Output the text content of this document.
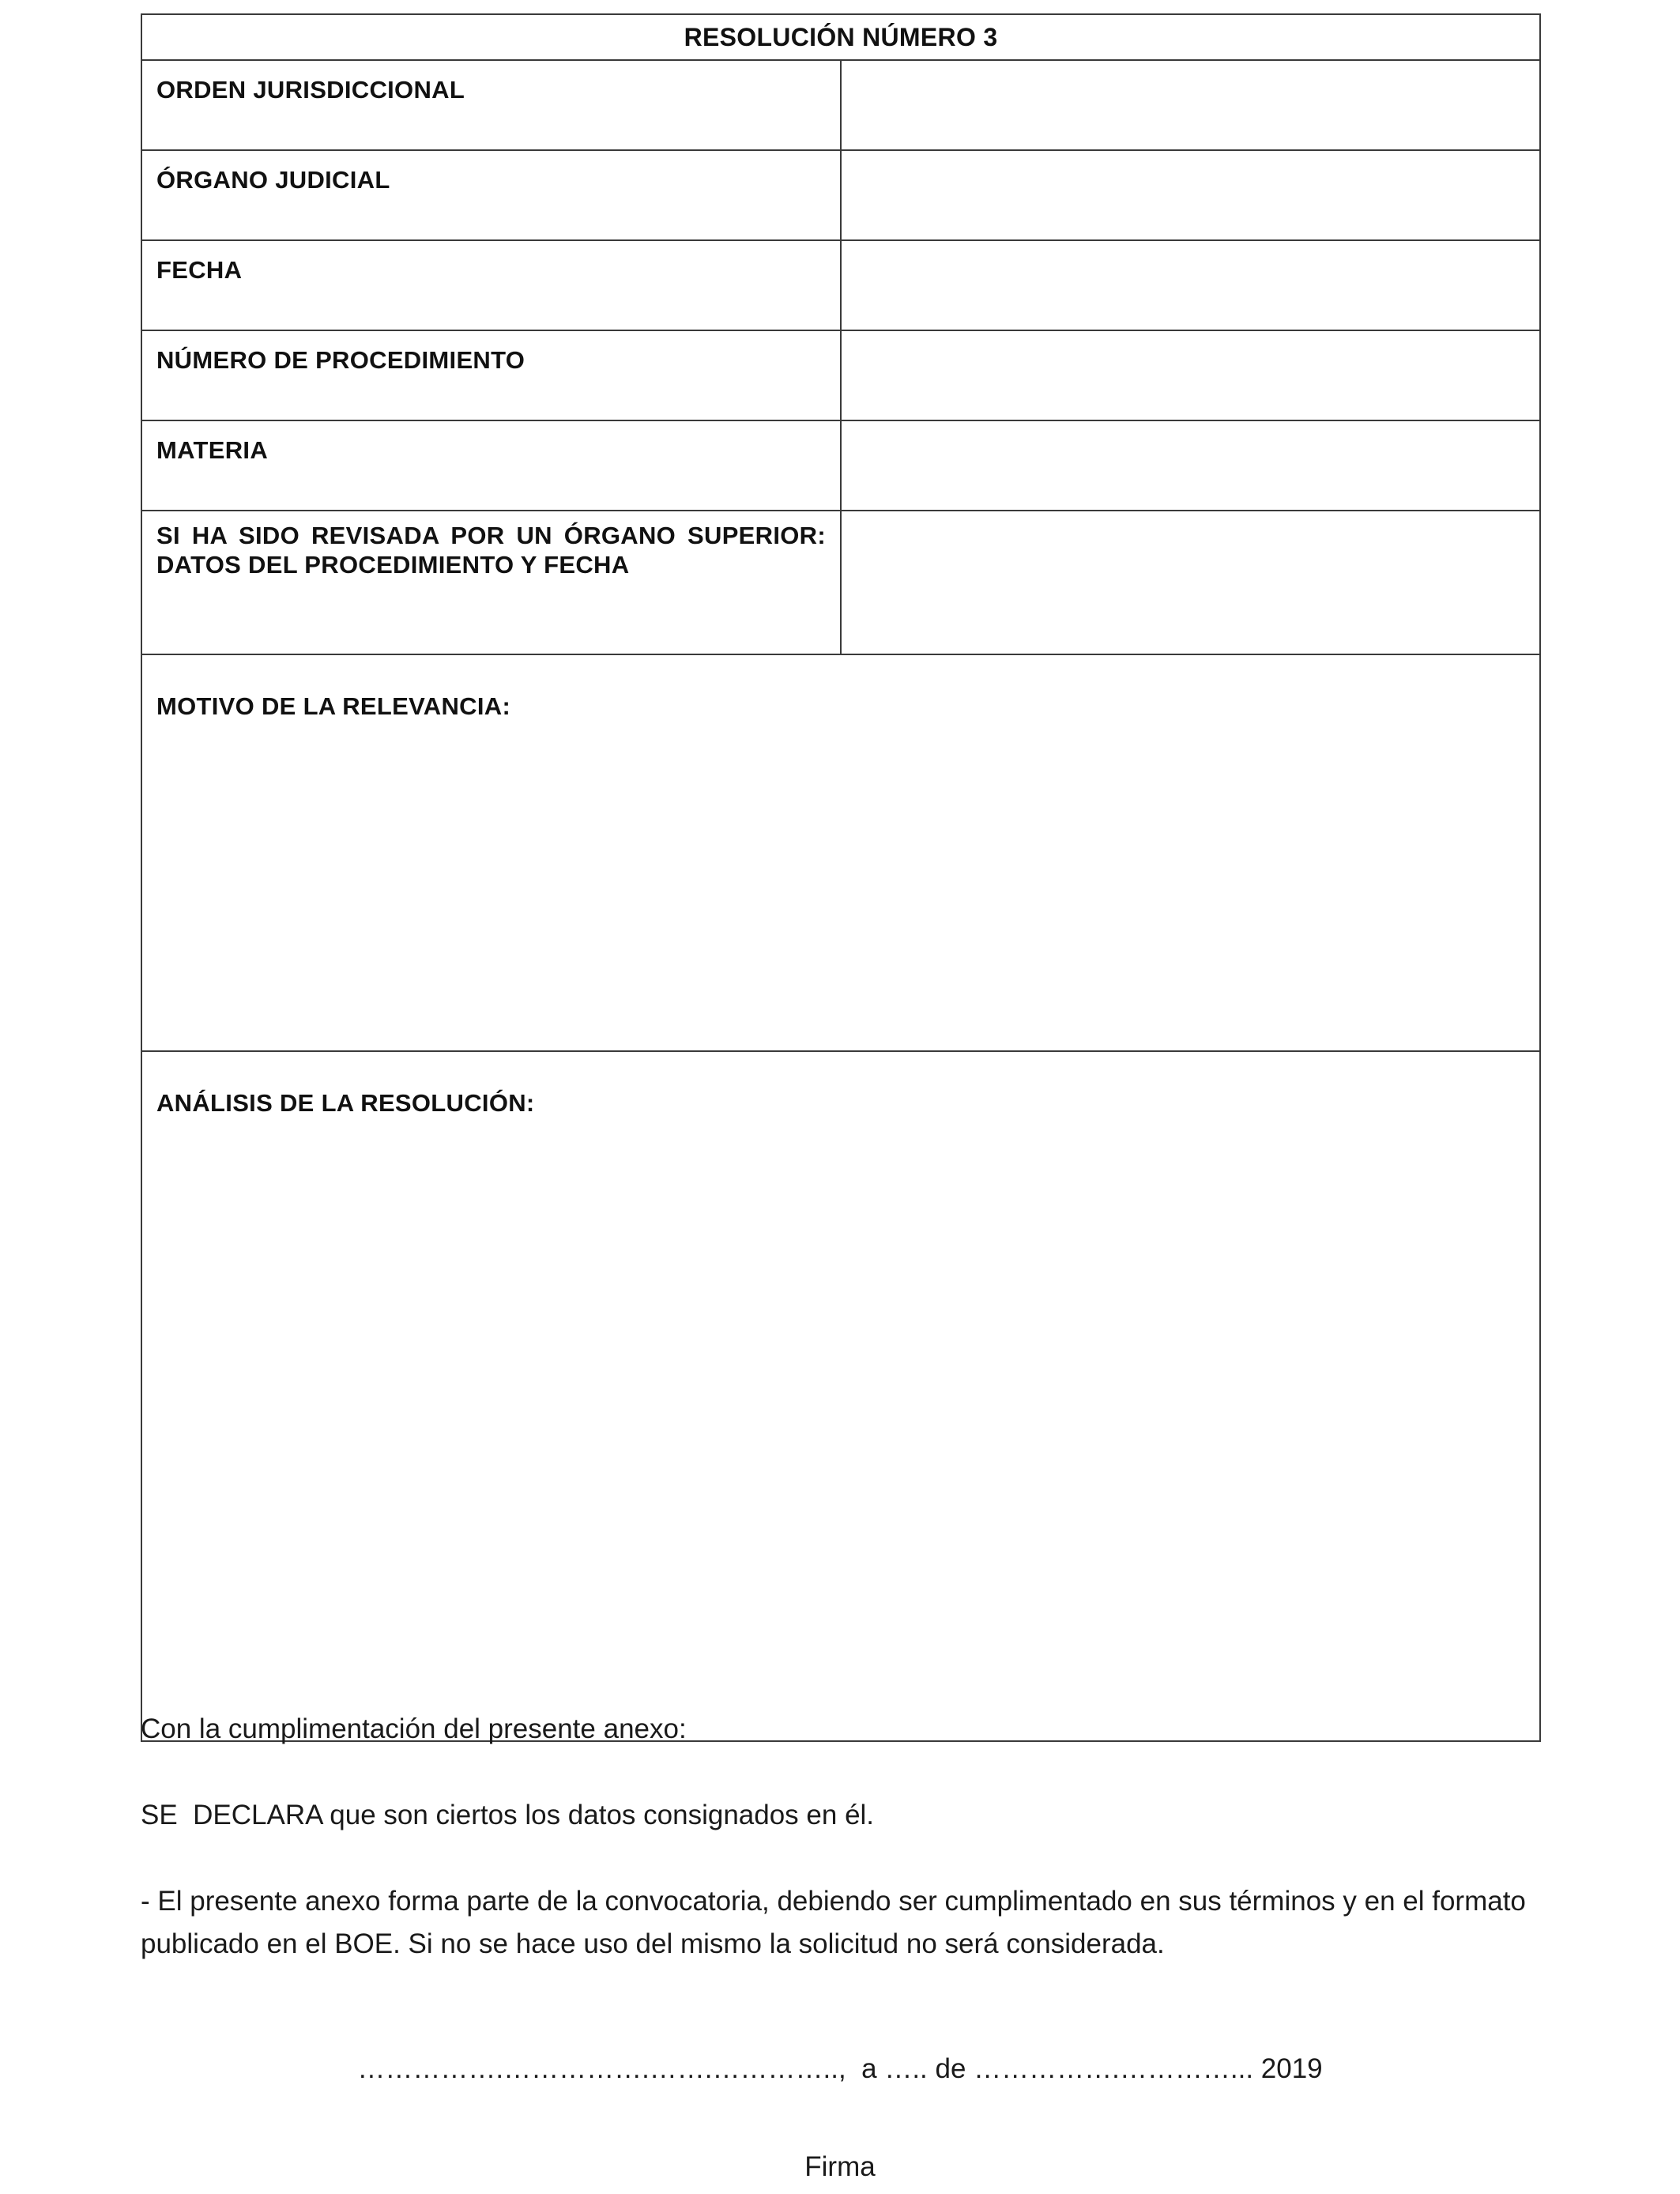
RESOLUCIÓN NÚMERO 3	
ORDEN JURISDICCIONAL	
ÓRGANO JUDICIAL	
FECHA	
NÚMERO DE PROCEDIMIENTO	
MATERIA	
SI HA SIDO REVISADA POR UN ÓRGANO SUPERIOR: DATOS DEL PROCEDIMIENTO Y FECHA	
MOTIVO DE LA RELEVANCIA:	
ANÁLISIS DE LA RESOLUCIÓN:	
Con la cumplimentación del presente anexo:
SE  DECLARA que son ciertos los datos consignados en él.
- El presente anexo forma parte de la convocatoria, debiendo ser cumplimentado en sus términos y en el formato publicado en el BOE. Si no se hace uso del mismo la solicitud no será considerada.
…………….…………….…….…………..,  a ….. de …………….…………... 2019
Firma
